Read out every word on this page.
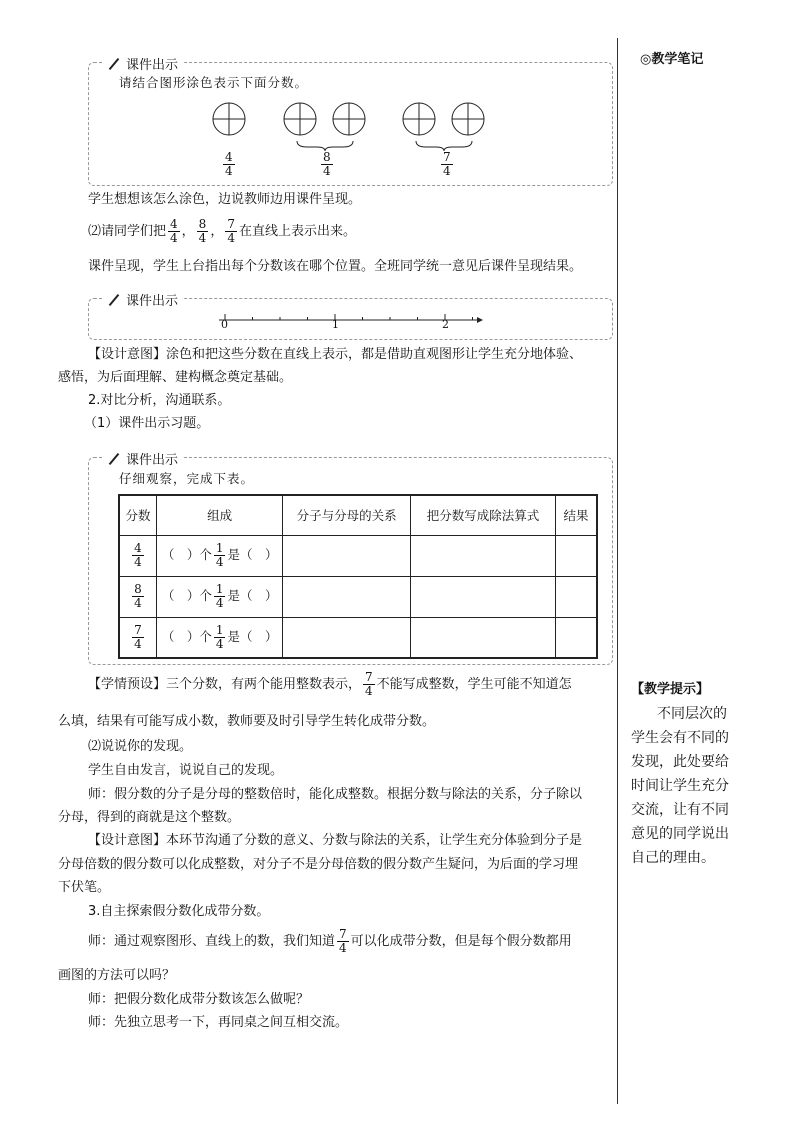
◎教学笔记
课件出示
请结合图形涂色表示下面分数。
$\frac{4}{4}$	$\frac{8}{4}$	$\frac{7}{4}$
学生想想该怎么涂色，边说教师边用课件呈现。
⑵请同学们把 $\frac{4}{4}$ ， $\frac{8}{4}$ ， $\frac{7}{4}$ 在直线上表示出来。
课件呈现，学生上台指出每个分数该在哪个位置。全班同学统一意见后课件呈现结果。
课件出示
0	1	2
【设计意图】涂色和把这些分数在直线上表示，都是借助直观图形让学生充分地体验、
感悟，为后面理解、建构概念奠定基础。
2.对比分析，沟通联系。
（1）课件出示习题。
课件出示
仔细观察，完成下表。
分数	组成	分子与分母的关系	把分数写成除法算式	结果

$\frac{4}{4}$	（　）个 $\frac{1}{4}$ 是（　）			

$\frac{8}{4}$	（　）个 $\frac{1}{4}$ 是（　）			

$\frac{7}{4}$	（　）个 $\frac{1}{4}$ 是（　）			
【学情预设】三个分数，有两个能用整数表示， $\frac{7}{4}$ 不能写成整数，学生可能不知道怎
么填，结果有可能写成小数，教师要及时引导学生转化成带分数。
⑵说说你的发现。
学生自由发言，说说自己的发现。
师：假分数的分子是分母的整数倍时，能化成整数。根据分数与除法的关系，分子除以
分母，得到的商就是这个整数。
【设计意图】本环节沟通了分数的意义、分数与除法的关系，让学生充分体验到分子是
分母倍数的假分数可以化成整数，对分子不是分母倍数的假分数产生疑问，为后面的学习埋
下伏笔。
3.自主探索假分数化成带分数。
师：通过观察图形、直线上的数，我们知道 $\frac{7}{4}$ 可以化成带分数，但是每个假分数都用
画图的方法可以吗？
师：把假分数化成带分数该怎么做呢？
师：先独立思考一下，再同桌之间互相交流。
【教学提示】
不同层次的
学生会有不同的
发现，此处要给
时间让学生充分
交流，让有不同
意见的同学说出
自己的理由。
